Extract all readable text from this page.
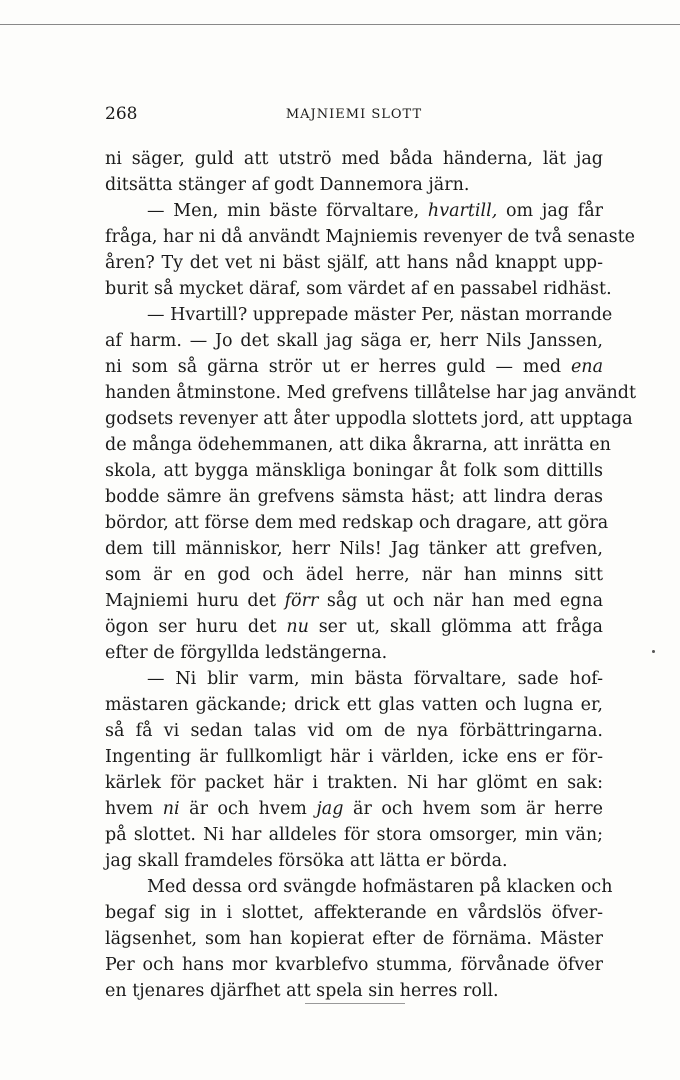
268	MAJNIEMI SLOTT
ni säger, guld att utströ med båda händerna, lät jag
ditsätta stänger af godt Dannemora järn.
— Men, min bäste förvaltare, hvartill, om jag får
fråga, har ni då användt Majniemis revenyer de två senaste
åren? Ty det vet ni bäst själf, att hans nåd knappt upp-
burit så mycket däraf, som värdet af en passabel ridhäst.
— Hvartill? upprepade mäster Per, nästan morrande
af harm. — Jo det skall jag säga er, herr Nils Janssen,
ni som så gärna strör ut er herres guld — med ena
handen åtminstone. Med grefvens tillåtelse har jag användt
godsets revenyer att åter uppodla slottets jord, att upptaga
de många ödehemmanen, att dika åkrarna, att inrätta en
skola, att bygga mänskliga boningar åt folk som dittills
bodde sämre än grefvens sämsta häst; att lindra deras
bördor, att förse dem med redskap och dragare, att göra
dem till människor, herr Nils! Jag tänker att grefven,
som är en god och ädel herre, när han minns sitt
Majniemi huru det förr såg ut och när han med egna
ögon ser huru det nu ser ut, skall glömma att fråga
efter de förgyllda ledstängerna.
— Ni blir varm, min bästa förvaltare, sade hof-
mästaren gäckande; drick ett glas vatten och lugna er,
så få vi sedan talas vid om de nya förbättringarna.
Ingenting är fullkomligt här i världen, icke ens er för-
kärlek för packet här i trakten. Ni har glömt en sak:
hvem ni är och hvem jag är och hvem som är herre
på slottet. Ni har alldeles för stora omsorger, min vän;
jag skall framdeles försöka att lätta er börda.
Med dessa ord svängde hofmästaren på klacken och
begaf sig in i slottet, affekterande en vårdslös öfver-
lägsenhet, som han kopierat efter de förnäma. Mäster
Per och hans mor kvarblefvo stumma, förvånade öfver
en tjenares djärfhet att spela sin herres roll.
